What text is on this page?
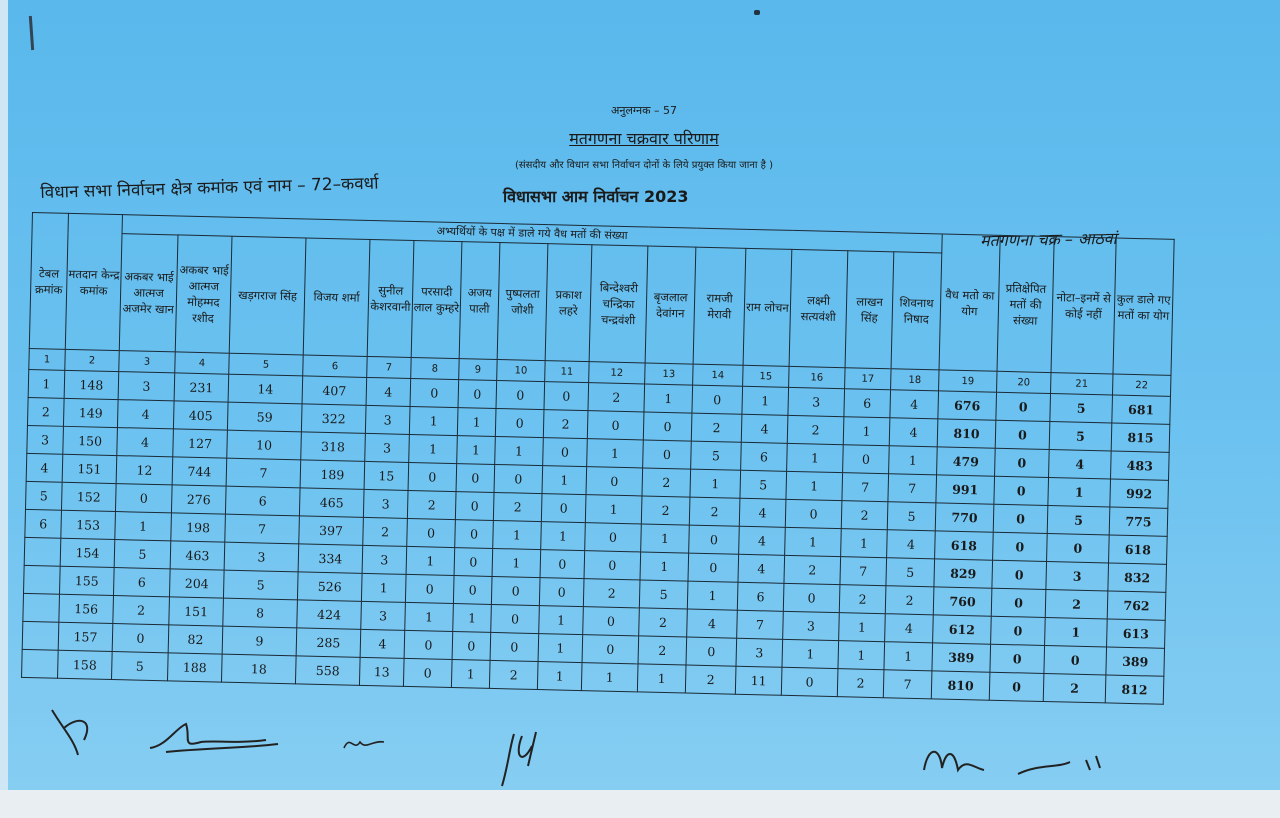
अनुलग्नक – 57
मतगणना चक्रवार परिणाम
(संसदीय और विधान सभा निर्वाचन दोनों के लिये प्रयुक्त किया जाना है )
विधासभा आम निर्वाचन 2023
विधान सभा निर्वाचन क्षेत्र कमांक एवं नाम – 72–कवर्धा
मतगणना चक्र – आठवां
टेबल क्रमांक	मतदान केन्द्र कमांक	अभ्यर्थियों के पक्ष में डाले गये वैध मतों की संख्या																वैध मतो का योग	प्रतिक्षेपित मतों की संख्या	नोटा–इनमें से कोई नहीं	कुल डाले गए मतों का योग
		अकबर भाई आत्मज अजमेर खान	अकबर भाई आत्मज मोहम्मद रशीद	खड़गराज सिंह	विजय शर्मा	सुनील केशरवानी	परसादी लाल कुम्हरे	अजय पाली	पुष्पलता जोशी	प्रकाश लहरे	बिन्देश्वरी चन्द्रिका चन्द्रवंशी	बृजलाल देवांगन	रामजी मेरावी	राम लोचन	लक्ष्मी सत्यवंशी	लाखन सिंह	शिवनाथ निषाद				
1	2	3	4	5	6	7	8	9	10	11	12	13	14	15	16	17	18	19	20	21	22
1	148	3	231	14	407	4	0	0	0	0	2	1	0	1	3	6	4	676	0	5	681
2	149	4	405	59	322	3	1	1	0	2	0	0	2	4	2	1	4	810	0	5	815
3	150	4	127	10	318	3	1	1	1	0	1	0	5	6	1	0	1	479	0	4	483
4	151	12	744	7	189	15	0	0	0	1	0	2	1	5	1	7	7	991	0	1	992
5	152	0	276	6	465	3	2	0	2	0	1	2	2	4	0	2	5	770	0	5	775
6	153	1	198	7	397	2	0	0	1	1	0	1	0	4	1	1	4	618	0	0	618
	154	5	463	3	334	3	1	0	1	0	0	1	0	4	2	7	5	829	0	3	832
	155	6	204	5	526	1	0	0	0	0	2	5	1	6	0	2	2	760	0	2	762
	156	2	151	8	424	3	1	1	0	1	0	2	4	7	3	1	4	612	0	1	613
	157	0	82	9	285	4	0	0	0	1	0	2	0	3	1	1	1	389	0	0	389
	158	5	188	18	558	13	0	1	2	1	1	1	2	11	0	2	7	810	0	2	812
